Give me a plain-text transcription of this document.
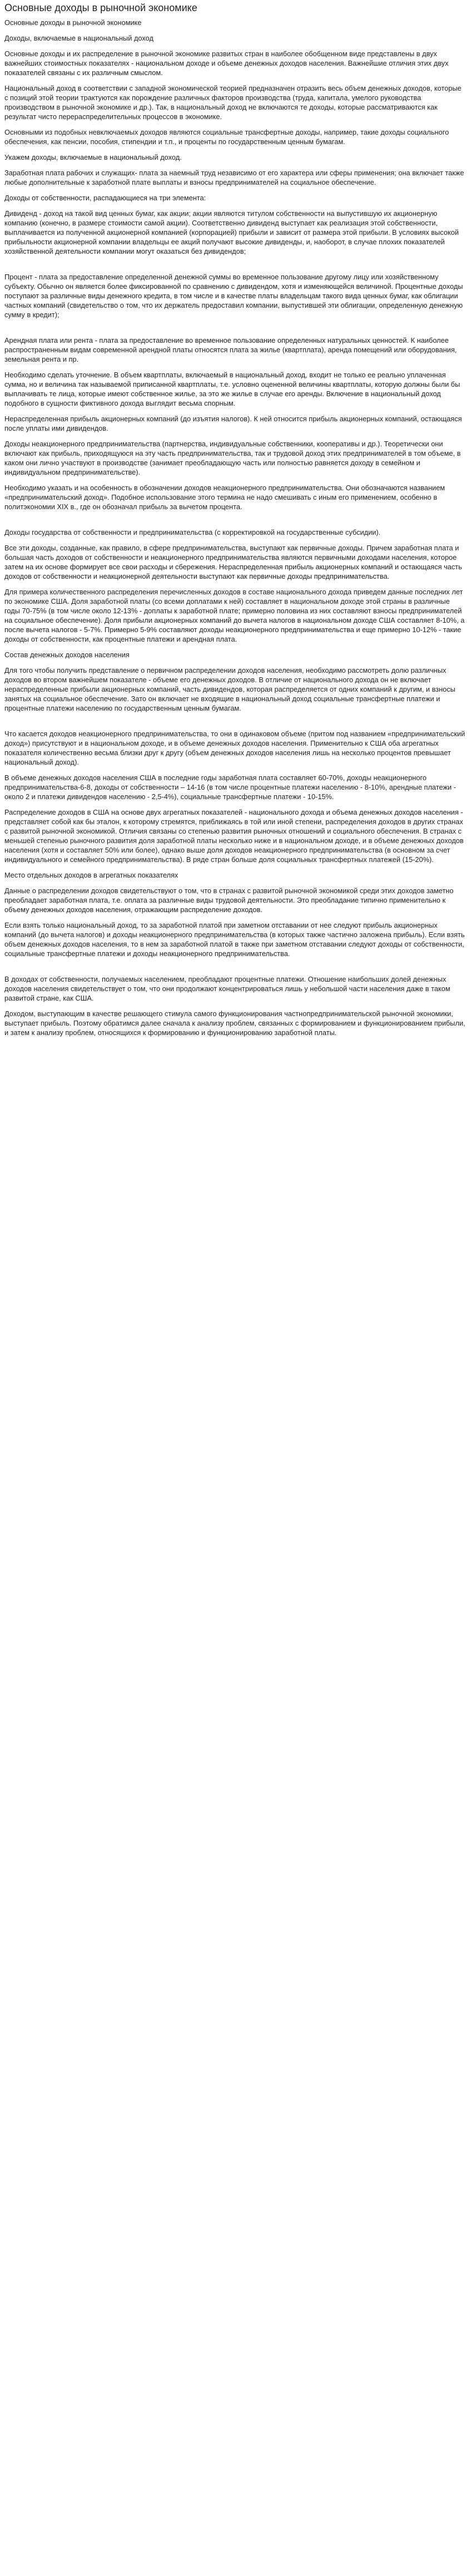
Основные доходы в рыночной экономике

Основные доходы в рыночной экономике

Доходы, включаемые в национальный доход

Основные доходы и их распределение в рыночной экономике развитых стран в наиболее обобщенном виде представлены в двух важнейших стоимостных показателях - национальном доходе и объеме денежных доходов населения. Важнейшие отличия этих двух показателей связаны с их различным смыслом.

Национальный доход в соответствии с западной экономической теорией предназначен отразить весь объем денежных доходов, которые с позиций этой теории трактуются как порождение различных факторов производства (труда, капитала, умелого руководства производством в рыночной экономике и др.). Так, в национальный доход не включаются те доходы, которые рассматриваются как результат чисто перераспределительных процессов в экономике.

Основными из подобных невключаемых доходов являются социальные трансфертные доходы, например, такие доходы социального обеспечения, как пенсии, пособия, стипендии и т.п., и проценты по государственным ценным бумагам.

Укажем доходы, включаемые в национальный доход.

Заработная плата рабочих и служащих- плата за наемный труд независимо от его характера или сферы применения; она включает также любые дополнительные к заработной плате выплаты и взносы предпринимателей на социальное обеспечение.

Доходы от собственности, распадающиеся на три элемента:

Дивиденд - доход на такой вид ценных бумаг, как акции; акции являются титулом собственности на выпустившую их акционерную компанию (конечно, в размере стоимости самой акции). Соответственно дивиденд выступает как реализация этой собственности, выплачивается из полученной акционерной компанией (корпорацией) прибыли и зависит от размера этой прибыли. В условиях высокой прибыльности акционерной компании владельцы ее акций получают высокие дивиденды, и, наоборот, в случае плохих показателей хозяйственной деятельности компании могут оказаться без дивидендов;

Процент - плата за предоставление определенной денежной суммы во временное пользование другому лицу или хозяйственному субъекту. Обычно он является более фиксированной по сравнению с дивидендом, хотя и изменяющейся величиной. Процентные доходы поступают за различные виды денежного кредита, в том числе и в качестве платы владельцам такого вида ценных бумаг, как облигации частных компаний (свидетельство о том, что их держатель предоставил компании, выпустившей эти облигации, определенную денежную сумму в кредит);

Арендная плата или рента - плата за предоставление во временное пользование определенных натуральных ценностей. К наиболее распространенным видам современной арендной платы относятся плата за жилье (квартплата), аренда помещений или оборудования, земельная рента и пр.

Необходимо сделать уточнение. В объем квартплаты, включаемый в национальный доход, входит не только ее реально уплаченная сумма, но и величина так называемой приписанной квартплаты, т.е. условно оцененной величины квартплаты, которую должны были бы выплачивать те лица, которые имеют собственное жилье, за это же жилье в случае его аренды. Включение в национальный доход подобного в сущности фиктивного дохода выглядит весьма спорным.

Нераспределенная прибыль акционерных компаний (до изъятия налогов). К ней относится прибыль акционерных компаний, остающаяся после уплаты ими дивидендов.

Доходы неакционерного предпринимательства (партнерства, индивидуальные собственники, кооперативы и др.). Теоретически они включают как прибыль, приходящуюся на эту часть предпринимательства, так и трудовой доход этих предпринимателей в том объеме, в каком они лично участвуют в производстве (занимает преобладающую часть или полностью равняется доходу в семейном и индивидуальном предпринимательстве).

Необходимо указать и на особенность в обозначении доходов неакционерного предпринимательства. Они обозначаются названием «предпринимательский доход». Подобное использование этого термина не надо смешивать с иным его применением, особенно в политэкономии XIX в., где он обозначал прибыль за вычетом процента.

Доходы государства от собственности и предпринимательства (с корректировкой на государственные субсидии).

Все эти доходы, созданные, как правило, в сфере предпринимательства, выступают как первичные доходы. Причем заработная плата и большая часть доходов от собственности и неакционерного предпринимательства являются первичными доходами населения, которое затем на их основе формирует все свои расходы и сбережения. Нераспределенная прибыль акционерных компаний и остающаяся часть доходов от собственности и неакционерной деятельности выступают как первичные доходы предпринимательства.

Для примера количественного распределения перечисленных доходов в составе национального дохода приведем данные последних лет по экономике США. Доля заработной платы (со всеми доплатами к ней) составляет в национальном доходе этой страны в различные годы 70-75% (в том числе около 12-13% - доплаты к заработной плате; примерно половина из них составляют взносы предпринимателей на социальное обеспечение). Доля прибыли акционерных компаний до вычета налогов в национальном доходе США составляет 8-10%, а после вычета налогов - 5-7%. Примерно 5-9% составляют доходы неакционерного предпринимательства и еще примерно 10-12% - такие доходы от собственности, как процентные платежи и арендная плата.

Состав денежных доходов населения

Для того чтобы получить представление о первичном распределении доходов населения, необходимо рассмотреть долю различных доходов во втором важнейшем показателе - объеме его денежных доходов. В отличие от национального дохода он не включает нераспределенные прибыли акционерных компаний, часть дивидендов, которая распределяется от одних компаний к другим, и взносы занятых на социальное обеспечение. Зато он включает не входящие в национальный доход социальные трансфертные платежи и процентные платежи населению по государственным ценным бумагам.

Что касается доходов неакционерного предпринимательства, то они в одинаковом объеме (притом под названием «предпринимательский доход») присутствуют и в национальном доходе, и в объеме денежных доходов населения. Применительно к США оба агрегатных показателя количественно весьма близки друг к другу (объем денежных доходов населения лишь на несколько процентов превышает национальный доход).

В объеме денежных доходов населения США в последние годы заработная плата составляет 60-70%, доходы неакционерного предпринимательства-6-8, доходы от собственности – 14-16 (в том числе процентные платежи населению - 8-10%, арендные платежи - около 2 и платежи дивидендов населению - 2,5-4%), социальные трансфертные платежи - 10-15%.

Распределение доходов в США на основе двух агрегатных показателей - национального дохода и объема денежных доходов населения - представляет собой как бы эталон, к которому стремятся, приближаясь в той или иной степени, распределения доходов в других странах с развитой рыночной экономикой. Отличия связаны со степенью развития рыночных отношений и социального обеспечения. В странах с меньшей степенью рыночного развития доля заработной платы несколько ниже и в национальном доходе, и в объеме денежных доходов населения (хотя и составляет 50% или более), однако выше доля доходов неакционерного предпринимательства (в основном за счет индивидуального и семейного предпринимательства). В ряде стран больше доля социальных трансфертных платежей (15-20%).

Место отдельных доходов в агрегатных показателях

Данные о распределении доходов свидетельствуют о том, что в странах с развитой рыночной экономикой среди этих доходов заметно преобладает заработная плата, т.е. оплата за различные виды трудовой деятельности. Это преобладание типично применительно к объему денежных доходов населения, отражающим распределение доходов.

Если взять только национальный доход, то за заработной платой при заметном отставании от нее следуют прибыль акционерных компаний (до вычета налогов) и доходы неакционерного предпринимательства (в которых также частично заложена прибыль). Если взять объем денежных доходов населения, то в нем за заработной платой в также при заметном отставании следуют доходы от собственности, социальные трансфертные платежи и доходы неакционерного предпринимательства.

В доходах от собственности, получаемых населением, преобладают процентные платежи. Отношение наибольших долей денежных доходов населения свидетельствует о том, что они продолжают концентрироваться лишь у небольшой части населения даже в таком развитой стране, как США.

Доходом, выступающим в качестве решающего стимула самого функционирования частнопредпринимательской рыночной экономики, выступает прибыль. Поэтому обратимся далее сначала к анализу проблем, связанных с формированием и функционированием прибыли, и затем к анализу проблем, относящихся к формированию и функционированию заработной платы.
